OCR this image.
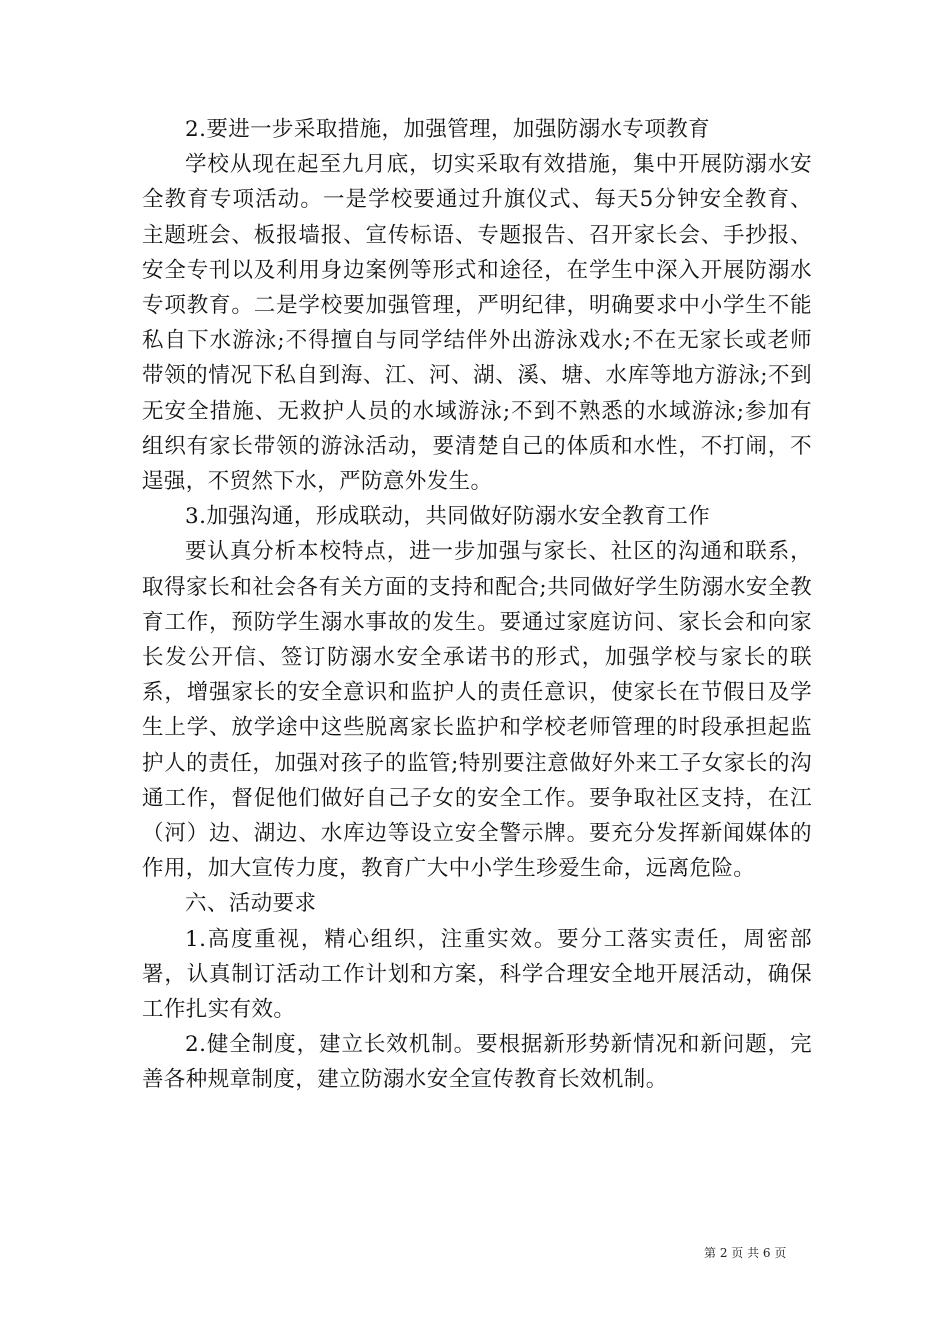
2.要进一步采取措施，加强管理，加强防溺水专项教育

学校从现在起至九月底，切实采取有效措施，集中开展防溺水安全教育专项活动。一是学校要通过升旗仪式、每天5分钟安全教育、主题班会、板报墙报、宣传标语、专题报告、召开家长会、手抄报、安全专刊以及利用身边案例等形式和途径，在学生中深入开展防溺水专项教育。二是学校要加强管理，严明纪律，明确要求中小学生不能私自下水游泳;不得擅自与同学结伴外出游泳戏水;不在无家长或老师带领的情况下私自到海、江、河、湖、溪、塘、水库等地方游泳;不到无安全措施、无救护人员的水域游泳;不到不熟悉的水域游泳;参加有组织有家长带领的游泳活动，要清楚自己的体质和水性，不打闹，不逞强，不贸然下水，严防意外发生。

3.加强沟通，形成联动，共同做好防溺水安全教育工作

要认真分析本校特点，进一步加强与家长、社区的沟通和联系，取得家长和社会各有关方面的支持和配合;共同做好学生防溺水安全教育工作，预防学生溺水事故的发生。要通过家庭访问、家长会和向家长发公开信、签订防溺水安全承诺书的形式，加强学校与家长的联系，增强家长的安全意识和监护人的责任意识，使家长在节假日及学生上学、放学途中这些脱离家长监护和学校老师管理的时段承担起监护人的责任，加强对孩子的监管;特别要注意做好外来工子女家长的沟通工作，督促他们做好自己子女的安全工作。要争取社区支持，在江（河）边、湖边、水库边等设立安全警示牌。要充分发挥新闻媒体的作用，加大宣传力度，教育广大中小学生珍爱生命，远离危险。

六、活动要求

1.高度重视，精心组织，注重实效。要分工落实责任，周密部署，认真制订活动工作计划和方案，科学合理安全地开展活动，确保工作扎实有效。

2.健全制度，建立长效机制。要根据新形势新情况和新问题，完善各种规章制度，建立防溺水安全宣传教育长效机制。

第 2 页 共 6 页
